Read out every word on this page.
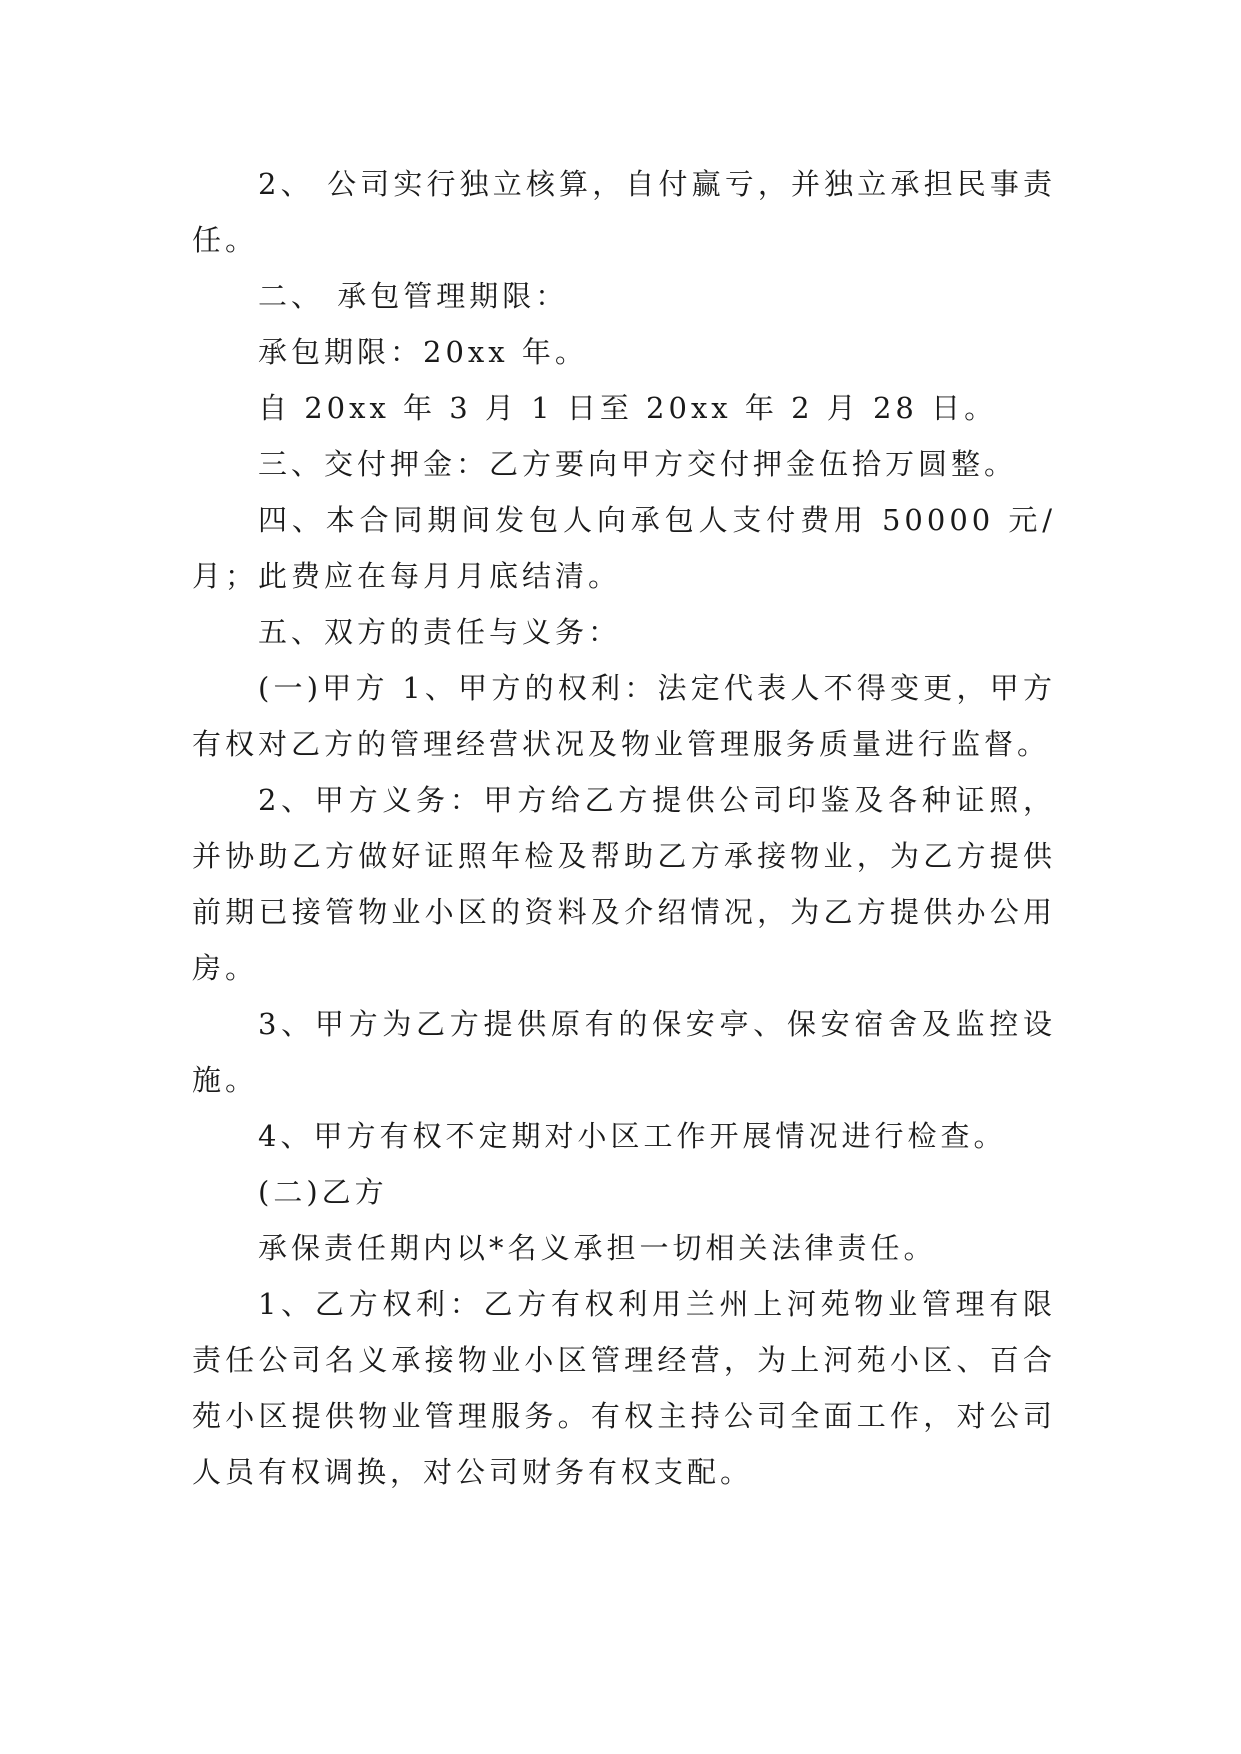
2、 公司实行独立核算，自付赢亏，并独立承担民事责任。

二、 承包管理期限：

承包期限：20xx 年。

自 20xx 年 3 月 1 日至 20xx 年 2 月 28 日。

三、交付押金：乙方要向甲方交付押金伍拾万圆整。

四、本合同期间发包人向承包人支付费用 50000 元/月；此费应在每月月底结清。

五、双方的责任与义务：

(一)甲方 1、甲方的权利：法定代表人不得变更，甲方有权对乙方的管理经营状况及物业管理服务质量进行监督。

2、甲方义务：甲方给乙方提供公司印鉴及各种证照，并协助乙方做好证照年检及帮助乙方承接物业，为乙方提供前期已接管物业小区的资料及介绍情况，为乙方提供办公用房。

3、甲方为乙方提供原有的保安亭、保安宿舍及监控设施。

4、甲方有权不定期对小区工作开展情况进行检查。

(二)乙方

承保责任期内以*名义承担一切相关法律责任。

1、乙方权利：乙方有权利用兰州上河苑物业管理有限责任公司名义承接物业小区管理经营，为上河苑小区、百合苑小区提供物业管理服务。有权主持公司全面工作，对公司人员有权调换，对公司财务有权支配。
